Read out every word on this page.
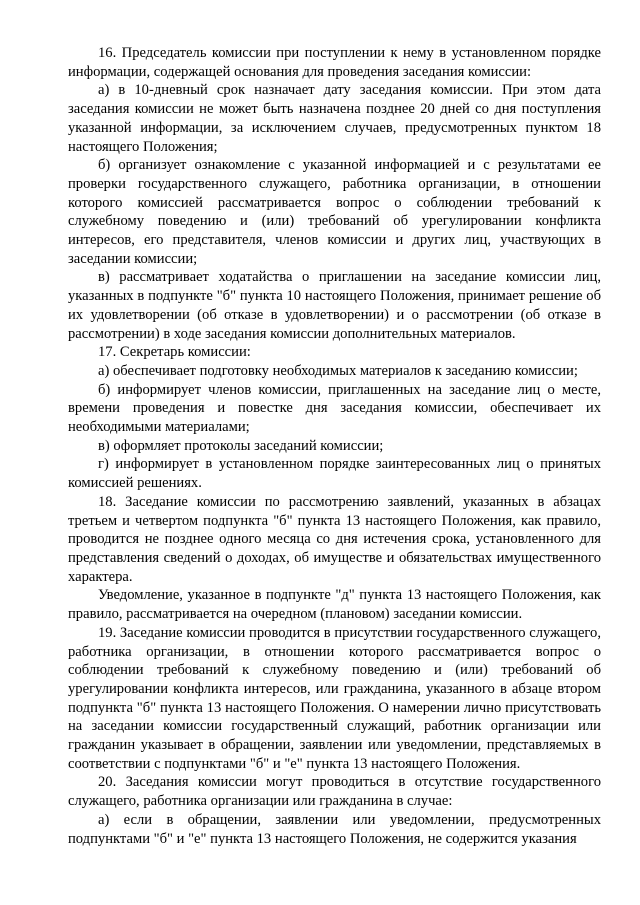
16. Председатель комиссии при поступлении к нему в установленном порядке информации, содержащей основания для проведения заседания комиссии:

а) в 10-дневный срок назначает дату заседания комиссии. При этом дата заседания комиссии не может быть назначена позднее 20 дней со дня поступления указанной информации, за исключением случаев, предусмотренных пунктом 18 настоящего Положения;

б) организует ознакомление с указанной информацией и с результатами ее проверки государственного служащего, работника организации, в отношении которого комиссией рассматривается вопрос о соблюдении требований к служебному поведению и (или) требований об урегулировании конфликта интересов, его представителя, членов комиссии и других лиц, участвующих в заседании комиссии;

в) рассматривает ходатайства о приглашении на заседание комиссии лиц, указанных в подпункте "б" пункта 10 настоящего Положения, принимает решение об их удовлетворении (об отказе в удовлетворении) и о рассмотрении (об отказе в рассмотрении) в ходе заседания комиссии дополнительных материалов.

17. Секретарь комиссии:

а) обеспечивает подготовку необходимых материалов к заседанию комиссии;

б) информирует членов комиссии, приглашенных на заседание лиц о месте, времени проведения и повестке дня заседания комиссии, обеспечивает их необходимыми материалами;

в) оформляет протоколы заседаний комиссии;

г) информирует в установленном порядке заинтересованных лиц о принятых комиссией решениях.

18. Заседание комиссии по рассмотрению заявлений, указанных в абзацах третьем и четвертом подпункта "б" пункта 13 настоящего Положения, как правило, проводится не позднее одного месяца со дня истечения срока, установленного для представления сведений о доходах, об имуществе и обязательствах имущественного характера.

Уведомление, указанное в подпункте "д" пункта 13 настоящего Положения, как правило, рассматривается на очередном (плановом) заседании комиссии.

19. Заседание комиссии проводится в присутствии государственного служащего, работника организации, в отношении которого рассматривается вопрос о соблюдении требований к служебному поведению и (или) требований об урегулировании конфликта интересов, или гражданина, указанного в абзаце втором подпункта "б" пункта 13 настоящего Положения. О намерении лично присутствовать на заседании комиссии государственный служащий, работник организации или гражданин указывает в обращении, заявлении или уведомлении, представляемых в соответствии с подпунктами "б" и "е" пункта 13 настоящего Положения.

20. Заседания комиссии могут проводиться в отсутствие государственного служащего, работника организации или гражданина в случае:

а) если в обращении, заявлении или уведомлении, предусмотренных подпунктами "б" и "е" пункта 13 настоящего Положения, не содержится указания
